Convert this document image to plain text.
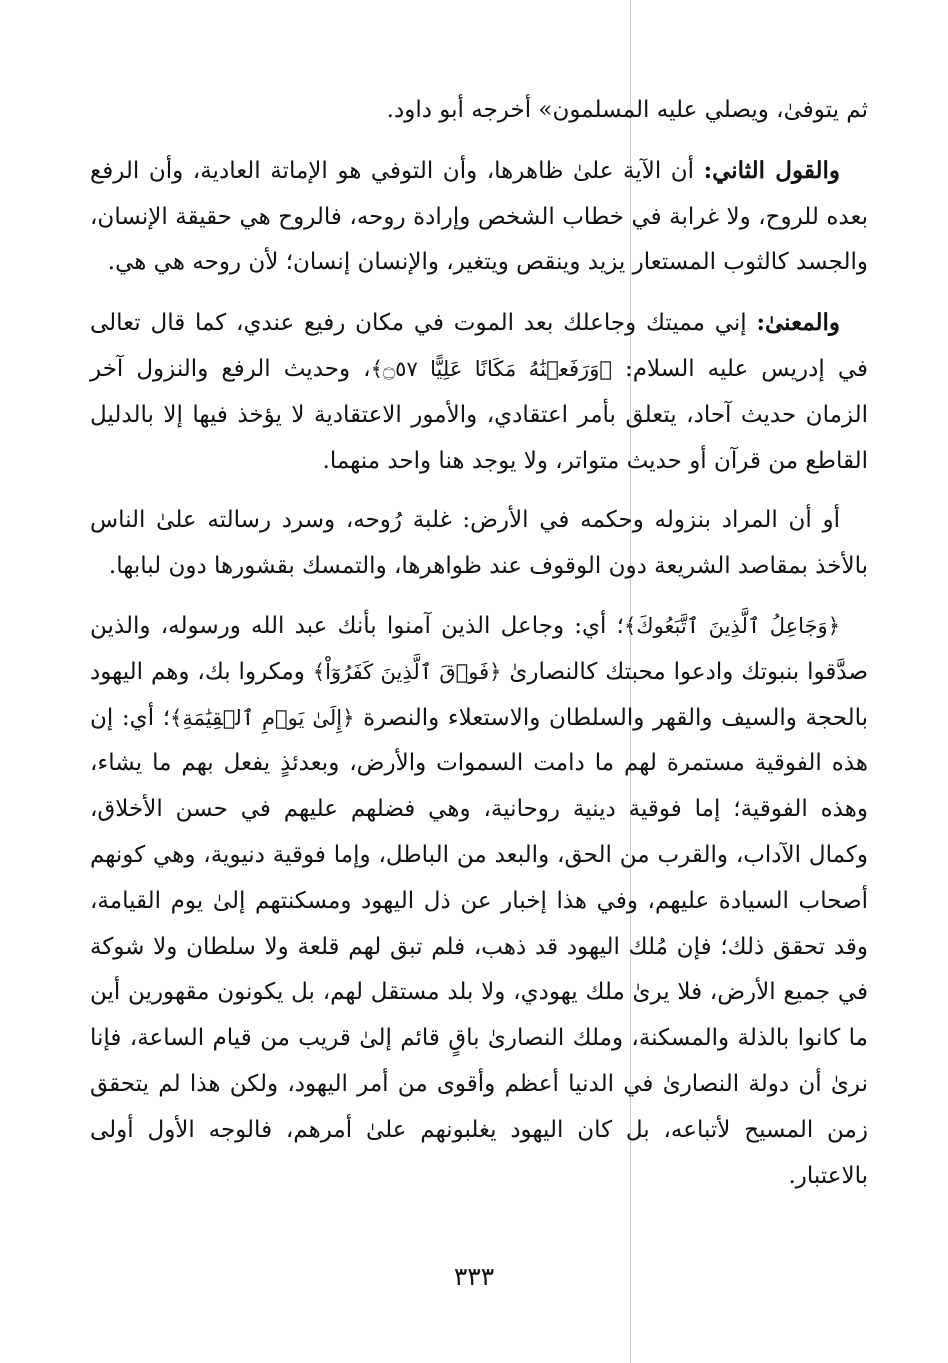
ثم يتوفىٰ، ويصلي عليه المسلمون» أخرجه أبو داود.

والقول الثاني: أن الآية علىٰ ظاهرها، وأن التوفي هو الإماتة العادية، وأن الرفع بعده للروح، ولا غرابة في خطاب الشخص وإرادة روحه، فالروح هي حقيقة الإنسان، والجسد كالثوب المستعار يزيد وينقص ويتغير، والإنسان إنسان؛ لأن روحه هي هي.

والمعنىٰ: إني مميتك وجاعلك بعد الموت في مكان رفيع عندي، كما قال تعالى في إدريس عليه السلام: ﴿وَرَفَعۡنَٰهُ مَكَانًا عَلِيًّا ۝٥٧﴾، وحديث الرفع والنزول آخر الزمان حديث آحاد، يتعلق بأمر اعتقادي، والأمور الاعتقادية لا يؤخذ فيها إلا بالدليل القاطع من قرآن أو حديث متواتر، ولا يوجد هنا واحد منهما.

أو أن المراد بنزوله وحكمه في الأرض: غلبة رُوحه، وسرد رسالته علىٰ الناس بالأخذ بمقاصد الشريعة دون الوقوف عند ظواهرها، والتمسك بقشورها دون لبابها.

﴿وَجَاعِلُ ٱلَّذِينَ ٱتَّبَعُوكَ﴾؛ أي: وجاعل الذين آمنوا بأنك عبد الله ورسوله، والذين صدَّقوا بنبوتك وادعوا محبتك كالنصارىٰ ﴿فَوۡقَ ٱلَّذِينَ كَفَرُوٓاْ﴾ ومكروا بك، وهم اليهود بالحجة والسيف والقهر والسلطان والاستعلاء والنصرة ﴿إِلَىٰ يَوۡمِ ٱلۡقِيَٰمَةِ﴾؛ أي: إن هذه الفوقية مستمرة لهم ما دامت السموات والأرض، وبعدئذٍ يفعل بهم ما يشاء، وهذه الفوقية؛ إما فوقية دينية روحانية، وهي فضلهم عليهم في حسن الأخلاق، وكمال الآداب، والقرب من الحق، والبعد من الباطل، وإما فوقية دنيوية، وهي كونهم أصحاب السيادة عليهم، وفي هذا إخبار عن ذل اليهود ومسكنتهم إلىٰ يوم القيامة، وقد تحقق ذلك؛ فإن مُلك اليهود قد ذهب، فلم تبق لهم قلعة ولا سلطان ولا شوكة في جميع الأرض، فلا يرىٰ ملك يهودي، ولا بلد مستقل لهم، بل يكونون مقهورين أين ما كانوا بالذلة والمسكنة، وملك النصارىٰ باقٍ قائم إلىٰ قريب من قيام الساعة، فإنا نرىٰ أن دولة النصارىٰ في الدنيا أعظم وأقوى من أمر اليهود، ولكن هذا لم يتحقق زمن المسيح لأتباعه، بل كان اليهود يغلبونهم علىٰ أمرهم، فالوجه الأول أولى بالاعتبار.

٣٣٣
